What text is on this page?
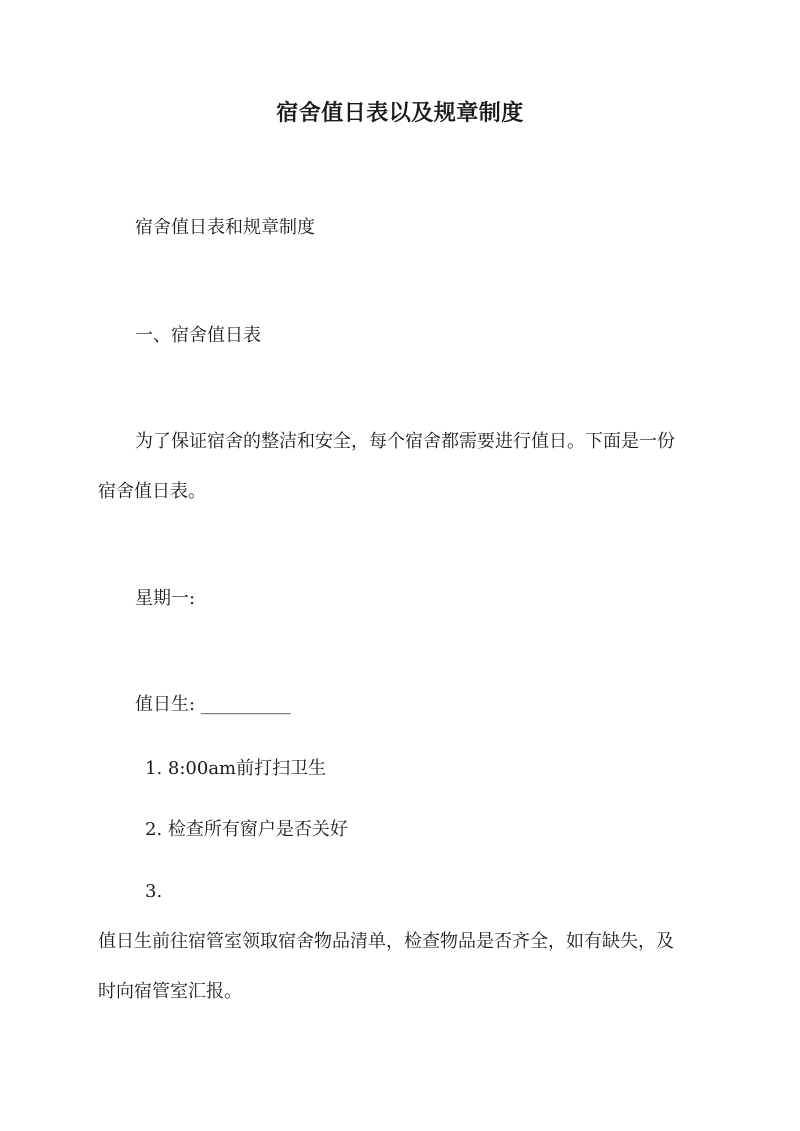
宿舍值日表以及规章制度
宿舍值日表和规章制度
一、宿舍值日表
为了保证宿舍的整洁和安全，每个宿舍都需要进行值日。下面是一份
宿舍值日表。
星期一:
值日生: __________
1. 8:00am前打扫卫生
2. 检查所有窗户是否关好
3.
值日生前往宿管室领取宿舍物品清单，检查物品是否齐全，如有缺失，及
时向宿管室汇报。
